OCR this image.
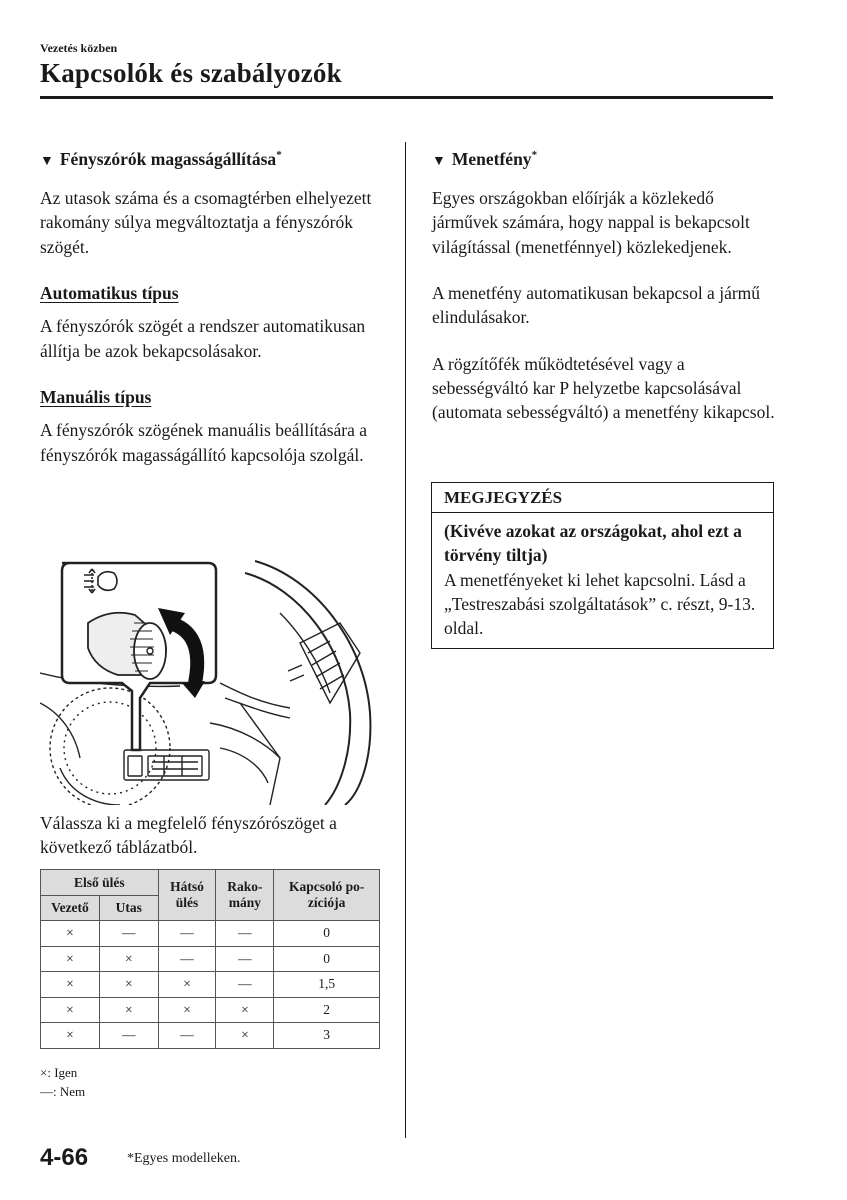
Vezetés közben
Kapcsolók és szabályozók
▼ Fényszórók magasságállítása*

Az utasok száma és a csomagtérben elhelyezett rakomány súlya megváltoztatja a fényszórók szögét.

Automatikus típus

A fényszórók szögét a rendszer automatikusan állítja be azok bekapcsolásakor.

Manuális típus

A fényszórók szögének manuális beállítására a fényszórók magasságállító kapcsolója szolgál.

Válassza ki a megfelelő fényszórószöget a következő táblázatból.
Első ülés		Hátsó ülés	Rako-mány	Kapcsoló po-zíciója
Vezető	Utas			
×	—	—	—	0
×	×	—	—	0
×	×	×	—	1,5
×	×	×	×	2
×	—	—	×	3
×: Igen
—: Nem
▼ Menetfény*

Egyes országokban előírják a közlekedő járművek számára, hogy nappal is bekapcsolt világítással (menetfénnyel) közlekedjenek.

A menetfény automatikusan bekapcsol a jármű elindulásakor.

A rögzítőfék működtetésével vagy a sebességváltó kar P helyzetbe kapcsolásával (automata sebességváltó) a menetfény kikapcsol.

MEGJEGYZÉS
(Kivéve azokat az országokat, ahol ezt a törvény tiltja)
A menetfényeket ki lehet kapcsolni. Lásd a „Testreszabási szolgáltatások” c. részt, 9-13. oldal.
4-66	*Egyes modelleken.
